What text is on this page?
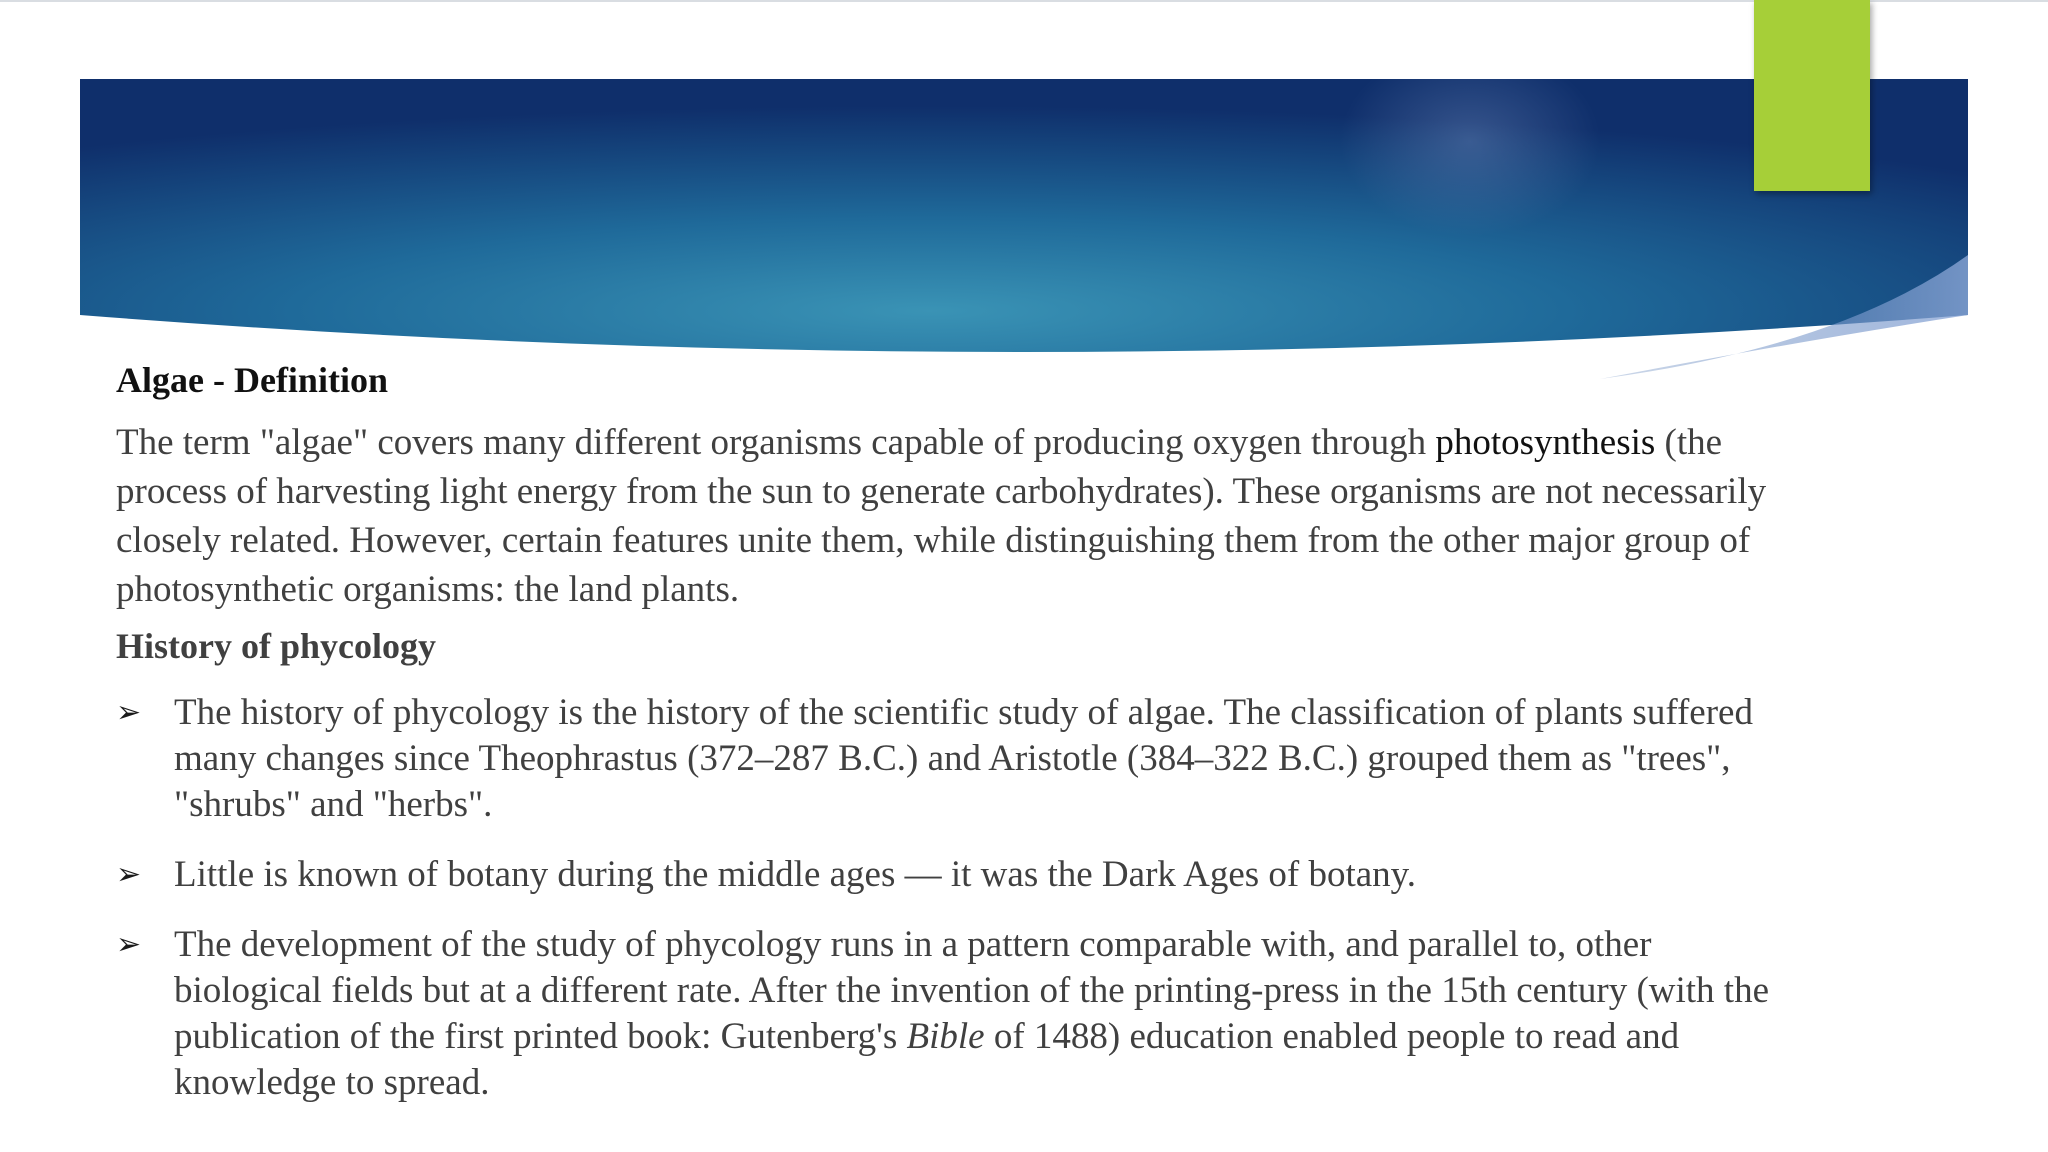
Algae - Definition

The term "algae" covers many different organisms capable of producing oxygen through photosynthesis (the process of harvesting light energy from the sun to generate carbohydrates). These organisms are not necessarily closely related. However, certain features unite them, while distinguishing them from the other major group of photosynthetic organisms: the land plants.

History of phycology
➢ The history of phycology is the history of the scientific study of algae. The classification of plants suffered many changes since Theophrastus (372–287 B.C.) and Aristotle (384–322 B.C.) grouped them as "trees", "shrubs" and "herbs".
➢ Little is known of botany during the middle ages — it was the Dark Ages of botany.
➢ The development of the study of phycology runs in a pattern comparable with, and parallel to, other biological fields but at a different rate. After the invention of the printing-press in the 15th century (with the publication of the first printed book: Gutenberg's Bible of 1488) education enabled people to read and knowledge to spread.
